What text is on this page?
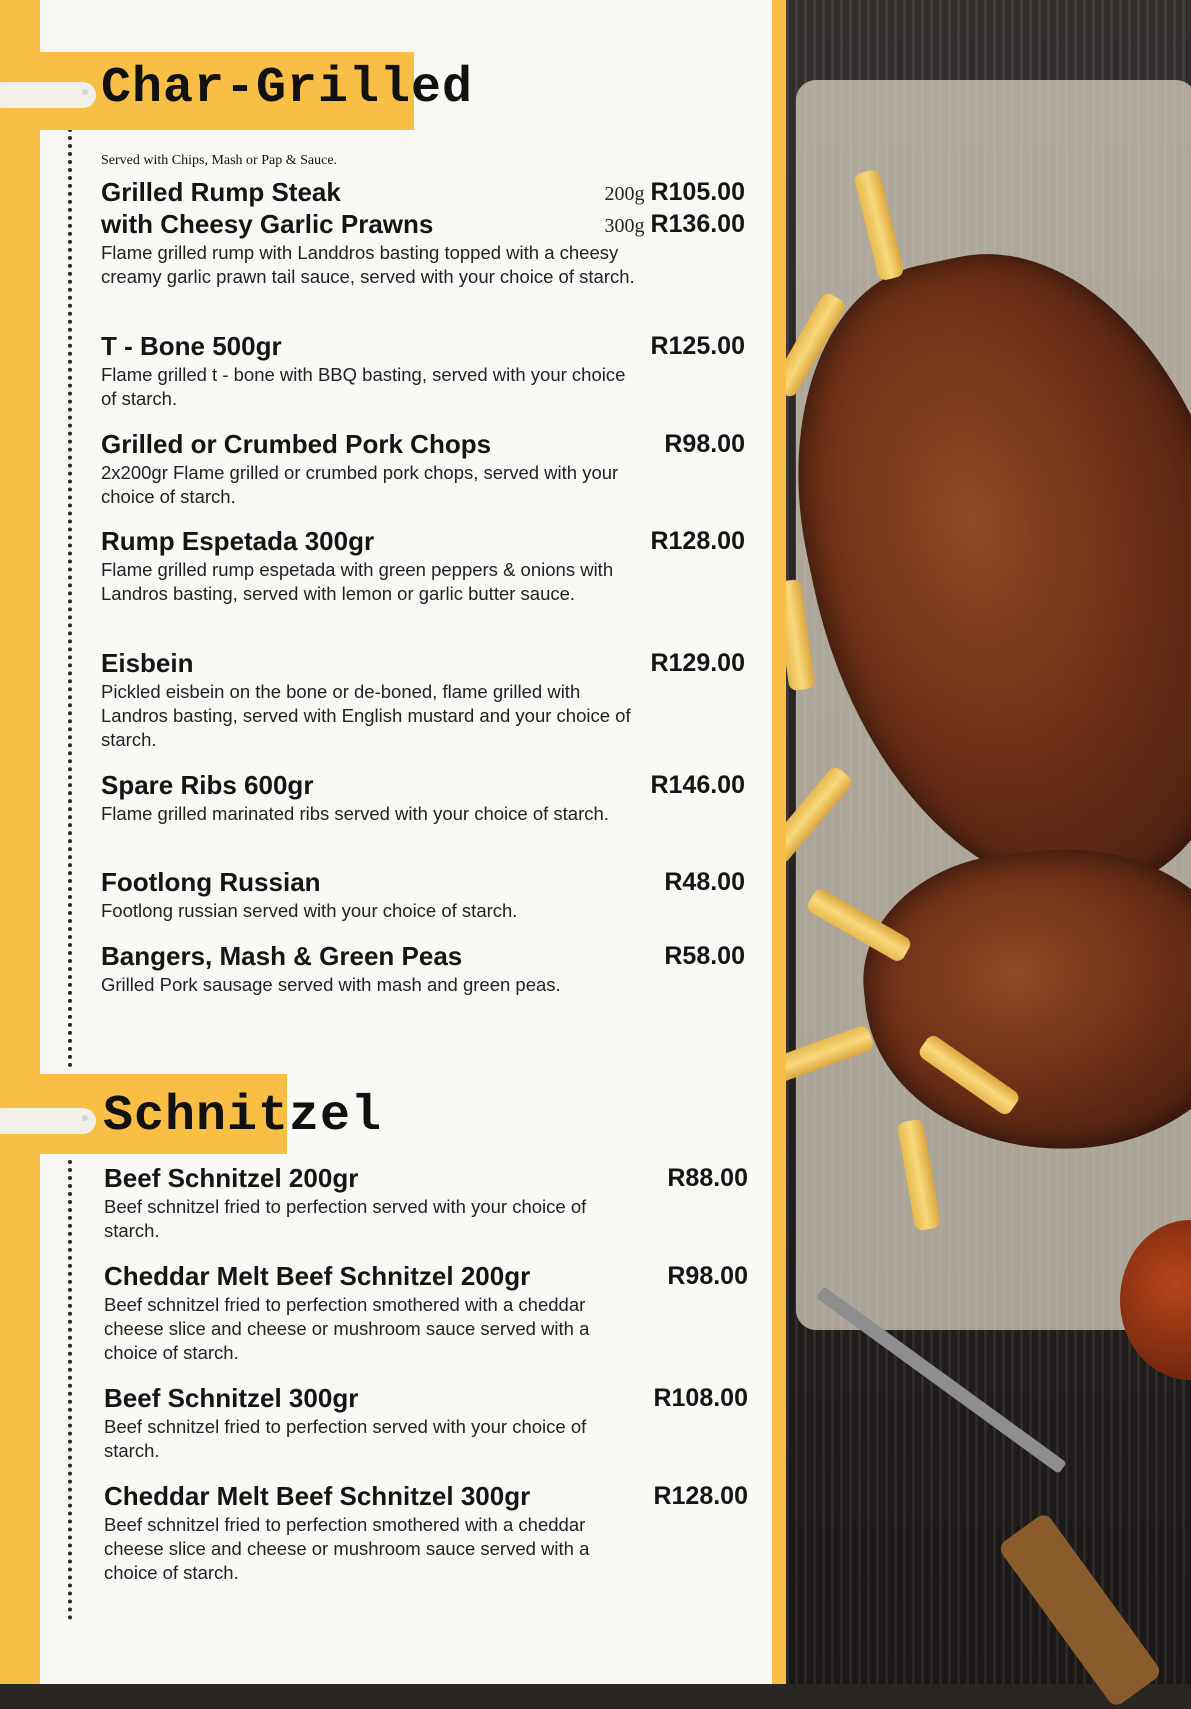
Char-Grilled
Served with Chips, Mash or Pap & Sauce.
Grilled Rump Steak	200g R105.00
with Cheesy Garlic Prawns	300g R136.00
Flame grilled rump with Landdros basting topped with a cheesy creamy garlic prawn tail sauce, served with your choice of starch.
T - Bone 500gr	R125.00
Flame grilled t - bone with BBQ basting, served with your choice of starch.
Grilled or Crumbed Pork Chops	R98.00
2x200gr Flame grilled or crumbed pork chops, served with your choice of starch.
Rump Espetada 300gr	R128.00
Flame grilled rump espetada with green peppers & onions with Landros basting, served with lemon or garlic butter sauce.
Eisbein	R129.00
Pickled eisbein on the bone or de-boned, flame grilled with Landros basting, served with English mustard and your choice of starch.
Spare Ribs 600gr	R146.00
Flame grilled marinated ribs served with your choice of starch.
Footlong Russian	R48.00
Footlong russian served with your choice of starch.
Bangers, Mash & Green Peas	R58.00
Grilled Pork sausage served with mash and green peas.
Schnitzel
Beef Schnitzel 200gr	R88.00
Beef schnitzel fried to perfection served with your choice of starch.
Cheddar Melt Beef Schnitzel 200gr	R98.00
Beef schnitzel fried to perfection smothered with a cheddar cheese slice and cheese or mushroom sauce served with a choice of starch.
Beef Schnitzel 300gr	R108.00
Beef schnitzel fried to perfection served with your choice of starch.
Cheddar Melt Beef Schnitzel 300gr	R128.00
Beef schnitzel fried to perfection smothered with a cheddar cheese slice and cheese or mushroom sauce served with a choice of starch.
